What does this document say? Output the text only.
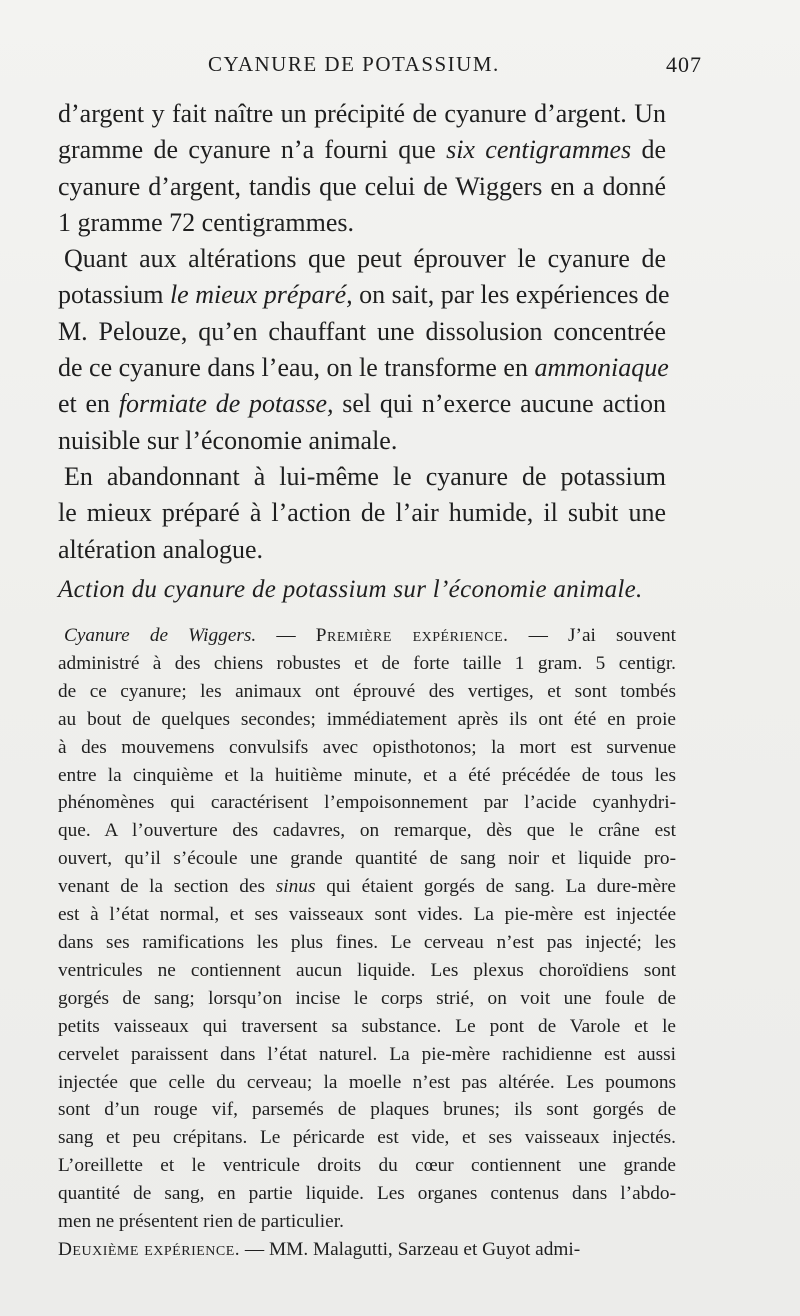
CYANURE DE POTASSIUM.	407
d’argent y fait naître un précipité de cyanure d’argent. Un
gramme de cyanure n’a fourni que six centigrammes de
cyanure d’argent, tandis que celui de Wiggers en a donné
1 gramme 72 centigrammes.
Quant aux altérations que peut éprouver le cyanure de
potassium le mieux préparé, on sait, par les expériences de
M. Pelouze, qu’en chauffant une dissolusion concentrée
de ce cyanure dans l’eau, on le transforme en ammoniaque
et en formiate de potasse, sel qui n’exerce aucune action
nuisible sur l’économie animale.
En abandonnant à lui-même le cyanure de potassium
le mieux préparé à l’action de l’air humide, il subit une
altération analogue.
Action du cyanure de potassium sur l’économie animale.
Cyanure de Wiggers. — Première expérience. — J’ai souvent
administré à des chiens robustes et de forte taille 1 gram. 5 centigr.
de ce cyanure; les animaux ont éprouvé des vertiges, et sont tombés
au bout de quelques secondes; immédiatement après ils ont été en proie
à des mouvemens convulsifs avec opisthotonos; la mort est survenue
entre la cinquième et la huitième minute, et a été précédée de tous les
phénomènes qui caractérisent l’empoisonnement par l’acide cyanhydri-
que. A l’ouverture des cadavres, on remarque, dès que le crâne est
ouvert, qu’il s’écoule une grande quantité de sang noir et liquide pro-
venant de la section des sinus qui étaient gorgés de sang. La dure-mère
est à l’état normal, et ses vaisseaux sont vides. La pie-mère est injectée
dans ses ramifications les plus fines. Le cerveau n’est pas injecté; les
ventricules ne contiennent aucun liquide. Les plexus choroïdiens sont
gorgés de sang; lorsqu’on incise le corps strié, on voit une foule de
petits vaisseaux qui traversent sa substance. Le pont de Varole et le
cervelet paraissent dans l’état naturel. La pie-mère rachidienne est aussi
injectée que celle du cerveau; la moelle n’est pas altérée. Les poumons
sont d’un rouge vif, parsemés de plaques brunes; ils sont gorgés de
sang et peu crépitans. Le péricarde est vide, et ses vaisseaux injectés.
L’oreillette et le ventricule droits du cœur contiennent une grande
quantité de sang, en partie liquide. Les organes contenus dans l’abdo-
men ne présentent rien de particulier.
Deuxième expérience. — MM. Malagutti, Sarzeau et Guyot admi-
